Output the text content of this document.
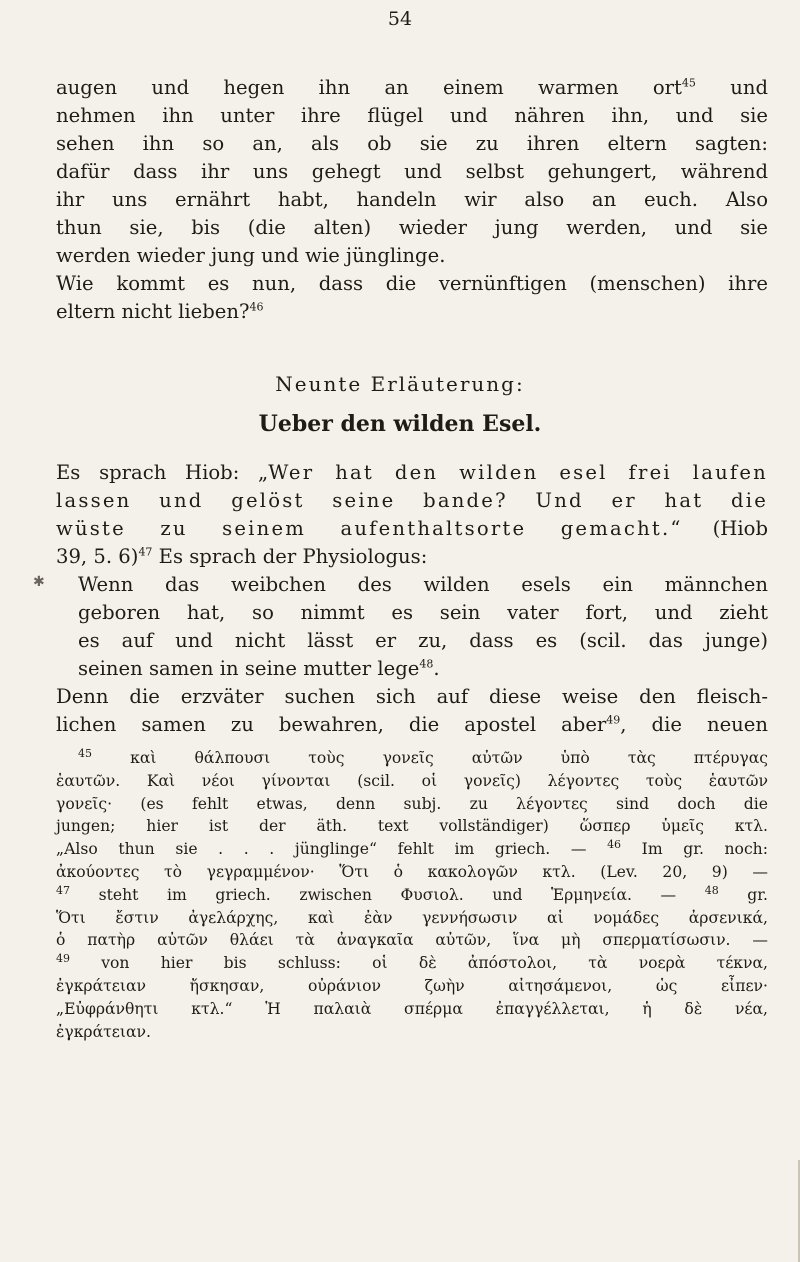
54
augen und hegen ihn an einem warmen ort$^{45}$ und
nehmen ihn unter ihre flügel und nähren ihn, und sie
sehen ihn so an, als ob sie zu ihren eltern sagten:
dafür dass ihr uns gehegt und selbst gehungert, während
ihr uns ernährt habt, handeln wir also an euch. Also
thun sie, bis (die alten) wieder jung werden, und sie
werden wieder jung und wie jünglinge.
Wie kommt es nun, dass die vernünftigen (menschen) ihre
eltern nicht lieben?$^{46}$
Neunte Erläuterung:
Ueber den wilden Esel.
Es sprach Hiob: „Wer hat den wilden esel frei laufen
lassen und gelöst seine bande? Und er hat die
wüste zu seinem aufenthaltsorte gemacht.“ (Hiob
39, 5. 6)$^{47}$ Es sprach der Physiologus:
✱	Wenn das weibchen des wilden esels ein männchen
geboren hat, so nimmt es sein vater fort, und zieht
es auf und nicht lässt er zu, dass es (scil. das junge)
seinen samen in seine mutter lege$^{48}$.
Denn die erzväter suchen sich auf diese weise den fleisch-
lichen samen zu bewahren, die apostel aber$^{49}$, die neuen
$^{45}$ καὶ θάλπουσι τοὺς γονεῖς αὐτῶν ὑπὸ τὰς πτέρυγας
ἑαυτῶν. Καὶ νέοι γίνονται (scil. οἱ γονεῖς) λέγοντες τοὺς ἑαυτῶν
γονεῖς· (es fehlt etwas, denn subj. zu λέγοντες sind doch die
jungen; hier ist der äth. text vollständiger) ὥσπερ ὑμεῖς κτλ.
„Also thun sie . . . jünglinge“ fehlt im griech. — $^{46}$ Im gr. noch:
ἀκούοντες τὸ γεγραμμένον· Ὅτι ὁ κακολογῶν κτλ. (Lev. 20, 9) —
$^{47}$ steht im griech. zwischen Φυσιολ. und Ἑρμηνεία. —	$^{48}$ gr.
Ὅτι ἔστιν ἀγελάρχης, καὶ ἐὰν γεννήσωσιν αἱ νομάδες ἀρσενικά,
ὁ πατὴρ αὐτῶν θλάει τὰ ἀναγκαῖα αὐτῶν, ἵνα μὴ σπερματίσωσιν. —
$^{49}$ von hier bis schluss: οἱ δὲ ἀπόστολοι, τὰ νοερὰ τέκνα,
ἐγκράτειαν ἤσκησαν, οὐράνιον ζωὴν αἰτησάμενοι, ὡς εἶπεν·
„Εὐφράνθητι κτλ.“ Ἡ παλαιὰ σπέρμα ἐπαγγέλλεται, ἡ δὲ νέα,
ἐγκράτειαν.
